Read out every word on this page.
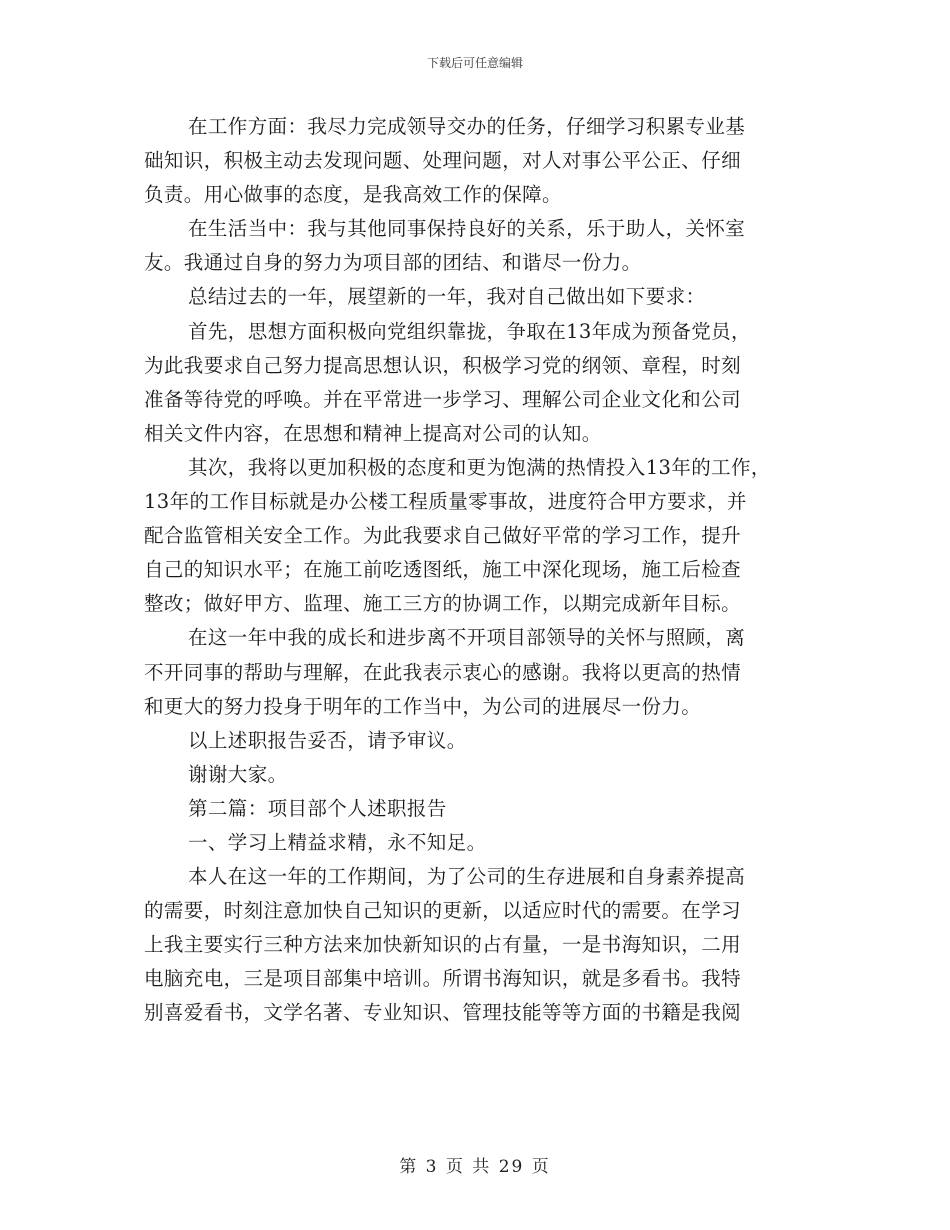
下载后可任意编辑
在工作方面：我尽力完成领导交办的任务，仔细学习积累专业基
础知识，积极主动去发现问题、处理问题，对人对事公平公正、仔细
负责。用心做事的态度，是我高效工作的保障。
在生活当中：我与其他同事保持良好的关系，乐于助人，关怀室
友。我通过自身的努力为项目部的团结、和谐尽一份力。
总结过去的一年，展望新的一年，我对自己做出如下要求：
首先，思想方面积极向党组织靠拢，争取在13年成为预备党员，
为此我要求自己努力提高思想认识，积极学习党的纲领、章程，时刻
准备等待党的呼唤。并在平常进一步学习、理解公司企业文化和公司
相关文件内容，在思想和精神上提高对公司的认知。
其次，我将以更加积极的态度和更为饱满的热情投入13年的工作，
13年的工作目标就是办公楼工程质量零事故，进度符合甲方要求，并
配合监管相关安全工作。为此我要求自己做好平常的学习工作，提升
自己的知识水平；在施工前吃透图纸，施工中深化现场，施工后检查
整改；做好甲方、监理、施工三方的协调工作，以期完成新年目标。
在这一年中我的成长和进步离不开项目部领导的关怀与照顾，离
不开同事的帮助与理解，在此我表示衷心的感谢。我将以更高的热情
和更大的努力投身于明年的工作当中，为公司的进展尽一份力。
以上述职报告妥否，请予审议。
谢谢大家。
第二篇：项目部个人述职报告
一、学习上精益求精，永不知足。
本人在这一年的工作期间，为了公司的生存进展和自身素养提高
的需要，时刻注意加快自己知识的更新，以适应时代的需要。在学习
上我主要实行三种方法来加快新知识的占有量，一是书海知识，二用
电脑充电，三是项目部集中培训。所谓书海知识，就是多看书。我特
别喜爱看书，文学名著、专业知识、管理技能等等方面的书籍是我阅
第 3 页 共 29 页
